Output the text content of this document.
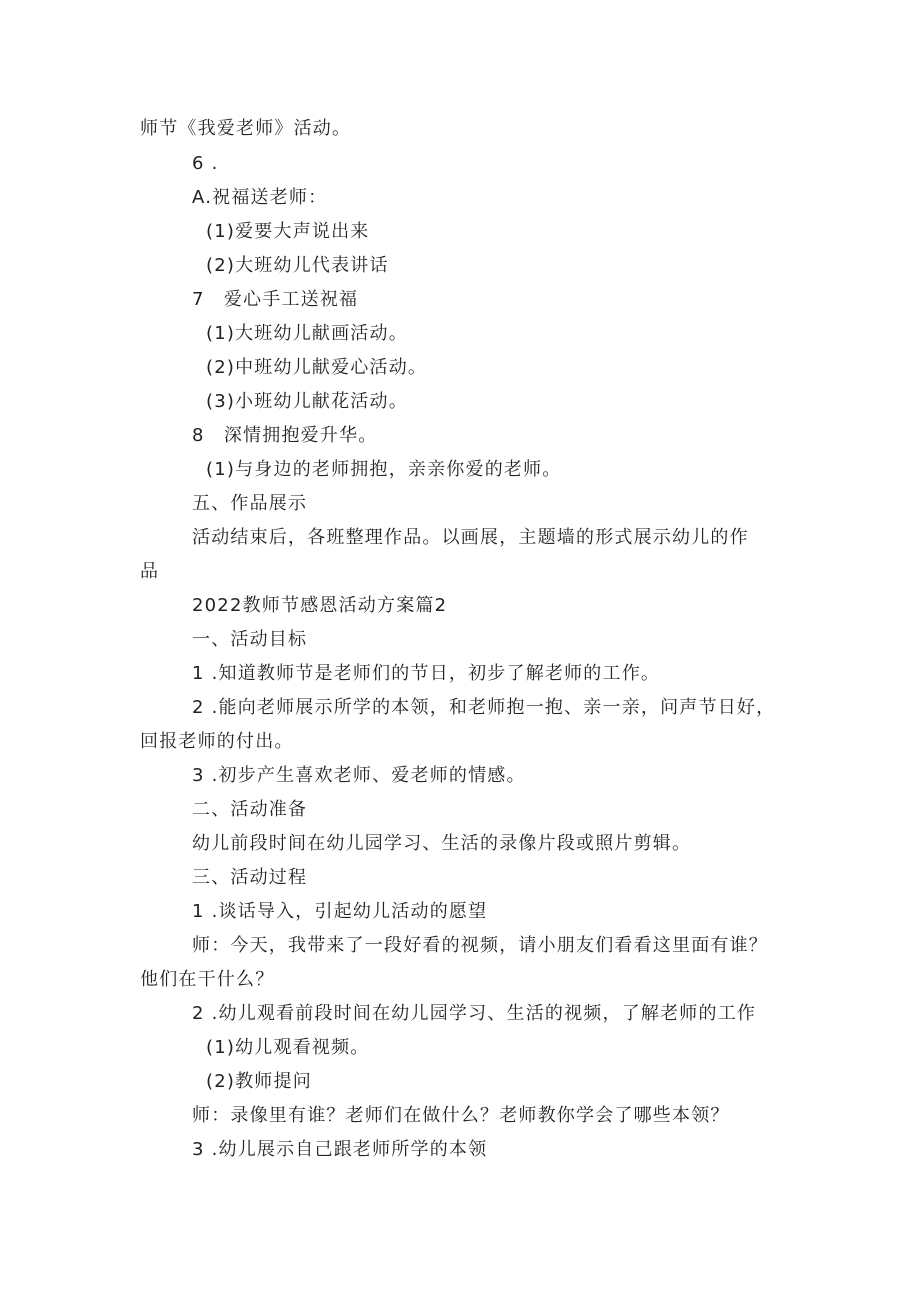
师节《我爱老师》活动。
6 .
A.祝福送老师：
(1)爱要大声说出来
(2)大班幼儿代表讲话
7　爱心手工送祝福
(1)大班幼儿献画活动。
(2)中班幼儿献爱心活动。
(3)小班幼儿献花活动。
8　深情拥抱爱升华。
(1)与身边的老师拥抱，亲亲你爱的老师。
五、作品展示
活动结束后，各班整理作品。以画展，主题墙的形式展示幼儿的作
品
2022教师节感恩活动方案篇2
一、活动目标
1 .知道教师节是老师们的节日，初步了解老师的工作。
2 .能向老师展示所学的本领，和老师抱一抱、亲一亲，问声节日好，
回报老师的付出。
3 .初步产生喜欢老师、爱老师的情感。
二、活动准备
幼儿前段时间在幼儿园学习、生活的录像片段或照片剪辑。
三、活动过程
1 .谈话导入，引起幼儿活动的愿望
师：今天，我带来了一段好看的视频，请小朋友们看看这里面有谁？
他们在干什么？
2 .幼儿观看前段时间在幼儿园学习、生活的视频，了解老师的工作
(1)幼儿观看视频。
(2)教师提问
师：录像里有谁？老师们在做什么？老师教你学会了哪些本领？
3 .幼儿展示自己跟老师所学的本领
